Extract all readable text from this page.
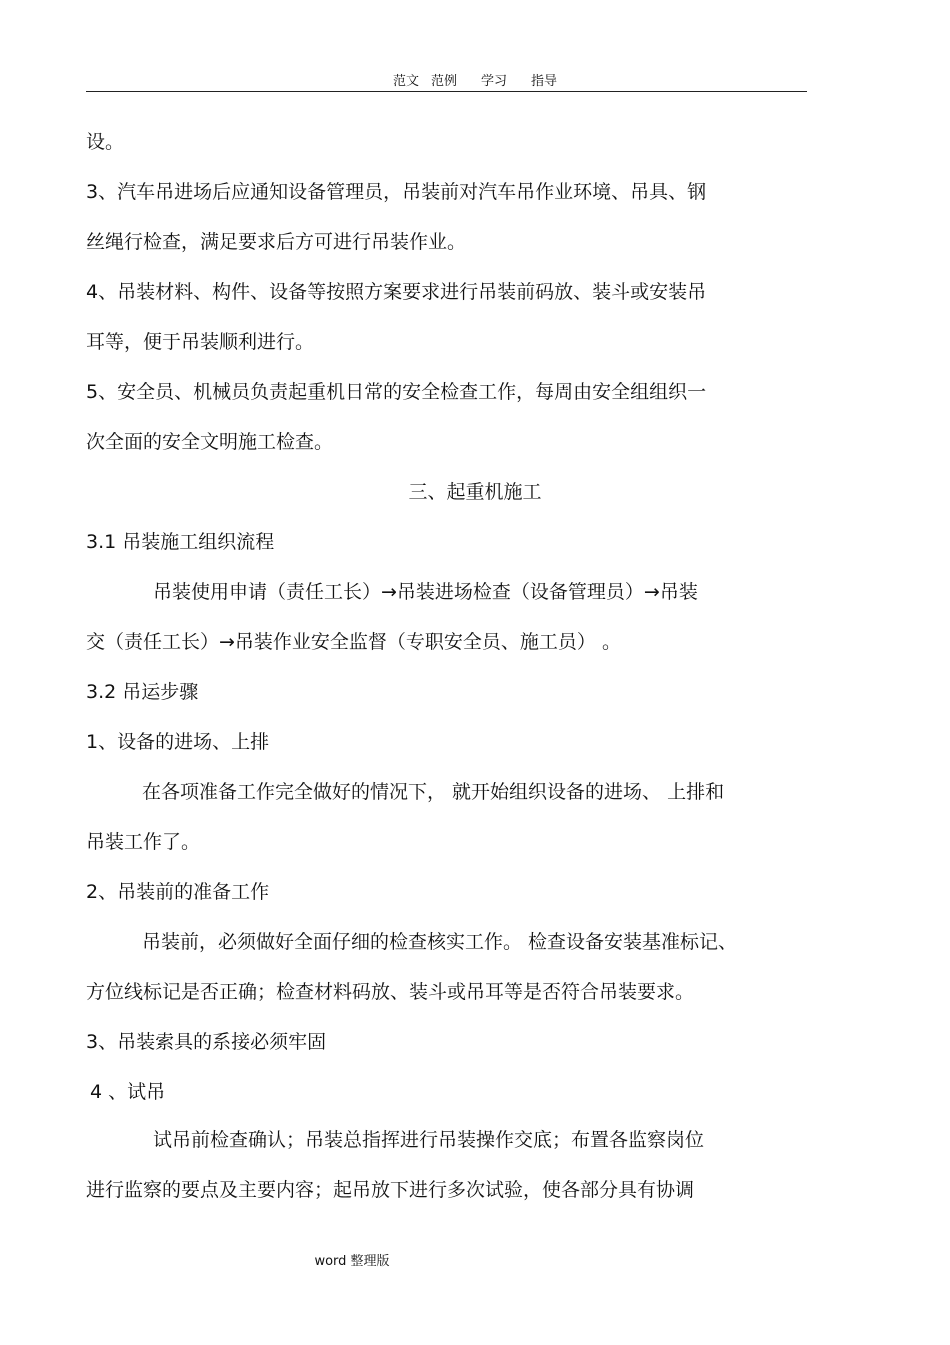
范文 范例 学习 指导
设。
3、汽车吊进场后应通知设备管理员，吊装前对汽车吊作业环境、吊具、钢
丝绳行检查，满足要求后方可进行吊装作业。
4、吊装材料、构件、设备等按照方案要求进行吊装前码放、装斗或安装吊
耳等，便于吊装顺利进行。
5、安全员、机械员负责起重机日常的安全检查工作，每周由安全组组织一
次全面的安全文明施工检查。
三、起重机施工
3.1 吊装施工组织流程
吊装使用申请（责任工长）→吊装进场检查（设备管理员）→吊装
交（责任工长）→吊装作业安全监督（专职安全员、施工员） 。
3.2 吊运步骤
1、设备的进场、上排
在各项准备工作完全做好的情况下， 就开始组织设备的进场、 上排和
吊装工作了。
2、吊装前的准备工作
吊装前，必须做好全面仔细的检查核实工作。 检查设备安装基准标记、
方位线标记是否正确；检查材料码放、装斗或吊耳等是否符合吊装要求。
3、吊装索具的系接必须牢固
4 、试吊
试吊前检查确认；吊装总指挥进行吊装操作交底；布置各监察岗位
进行监察的要点及主要内容；起吊放下进行多次试验，使各部分具有协调
word 整理版
